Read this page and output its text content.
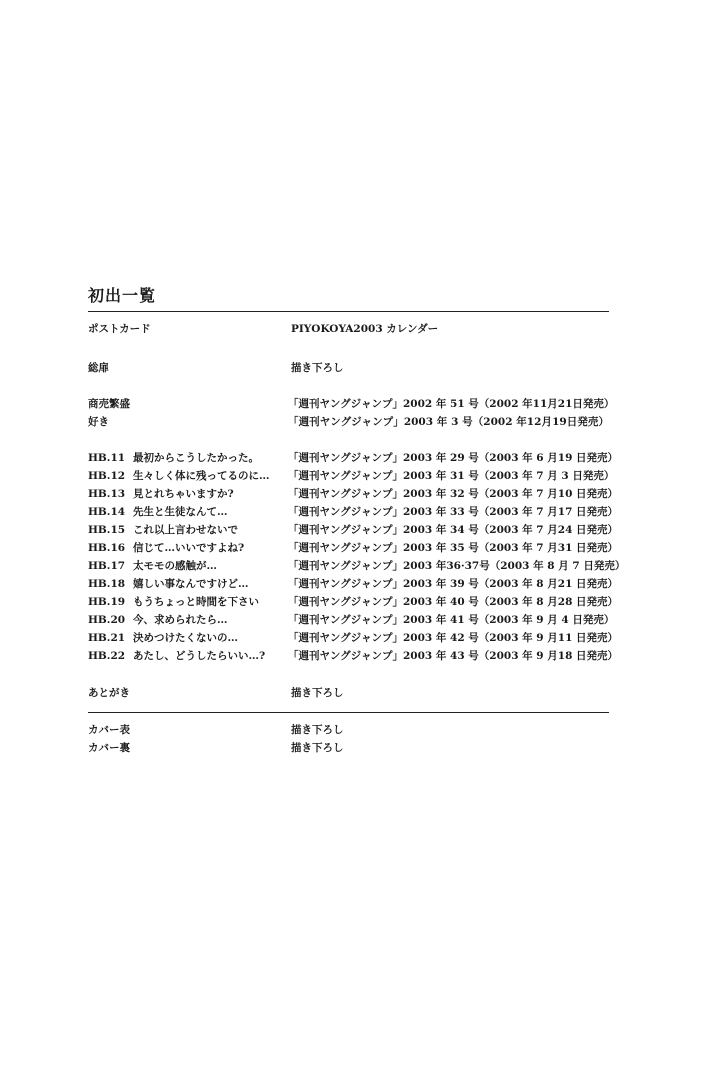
初出一覧
ポストカード	PIYOKOYA2003 カレンダー
総扉	描き下ろし
商売繁盛	「週刊ヤングジャンプ」2002 年 51 号（2002 年11月21日発売）
好き	「週刊ヤングジャンプ」2003 年 3 号（2002 年12月19日発売）
HB.11 最初からこうしたかった。	「週刊ヤングジャンプ」2003 年 29 号（2003 年 6 月19 日発売）
HB.12 生々しく体に残ってるのに… 「週刊ヤングジャンプ」2003 年 31 号（2003 年 7 月 3 日発売）
HB.13 見とれちゃいますか?	「週刊ヤングジャンプ」2003 年 32 号（2003 年 7 月10 日発売）
HB.14 先生と生徒なんて…	「週刊ヤングジャンプ」2003 年 33 号（2003 年 7 月17 日発売）
HB.15 これ以上言わせないで	「週刊ヤングジャンプ」2003 年 34 号（2003 年 7 月24 日発売）
HB.16 信じて…いいですよね?	「週刊ヤングジャンプ」2003 年 35 号（2003 年 7 月31 日発売）
HB.17 太モモの感触が…	「週刊ヤングジャンプ」2003 年36·37号（2003 年 8 月 7 日発売）
HB.18 嬉しい事なんですけど…	「週刊ヤングジャンプ」2003 年 39 号（2003 年 8 月21 日発売）
HB.19 もうちょっと時間を下さい	「週刊ヤングジャンプ」2003 年 40 号（2003 年 8 月28 日発売）
HB.20 今、求められたら…	「週刊ヤングジャンプ」2003 年 41 号（2003 年 9 月 4 日発売）
HB.21 決めつけたくないの…	「週刊ヤングジャンプ」2003 年 42 号（2003 年 9 月11 日発売）
HB.22 あたし、どうしたらいい…? 「週刊ヤングジャンプ」2003 年 43 号（2003 年 9 月18 日発売）
あとがき	描き下ろし
カバー表	描き下ろし
カバー裏	描き下ろし
